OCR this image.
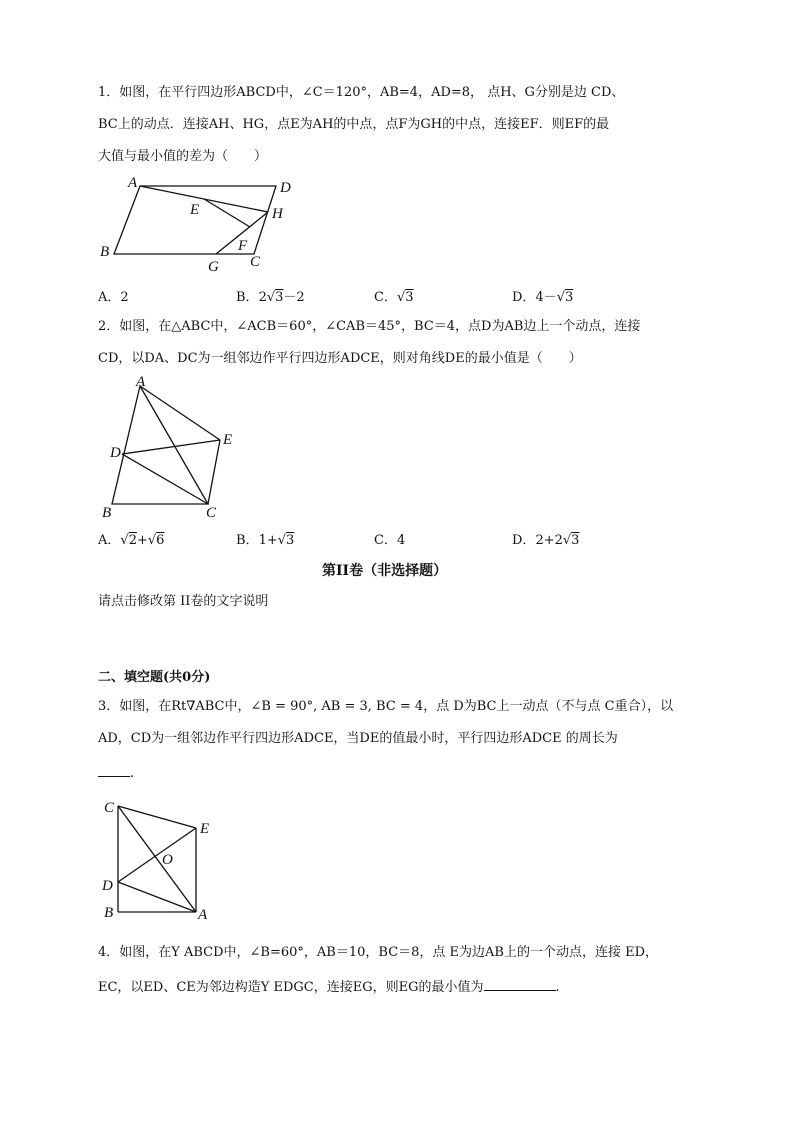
1．如图，在平行四边形ABCD中，∠C＝120°，AB=4，AD=8， 点H、G分别是边 CD、
BC上的动点．连接AH、HG，点E为AH的中点，点F为GH的中点，连接EF．则EF的最
大值与最小值的差为（　　）
A	D
E	H
B	F
G C
A．2	B．2√3－2	C．√3	D．4－√3
2．如图，在△ABC中，∠ACB＝60°，∠CAB＝45°，BC＝4，点D为AB边上一个动点，连接
CD，以DA、DC为一组邻边作平行四边形ADCE，则对角线DE的最小值是（　　）
A
D
E
B	C
A．√2+√6	B．1+√3	C．4	D．2+2√3
第II卷（非选择题）
请点击修改第 II卷的文字说明
二、填空题(共0分)
3．如图，在Rt∇ABC中，∠B = 90°, AB = 3, BC = 4，点 D为BC上一动点（不与点 C重合），以
AD，CD为一组邻边作平行四边形ADCE，当DE的值最小时，平行四边形ADCE 的周长为
.
C
E
O
D
B	A
4．如图，在Y ABCD中，∠B=60°，AB＝10，BC＝8，点 E为边AB上的一个动点，连接 ED，
EC，以ED、CE为邻边构造Y EDGC，连接EG，则EG的最小值为	.
